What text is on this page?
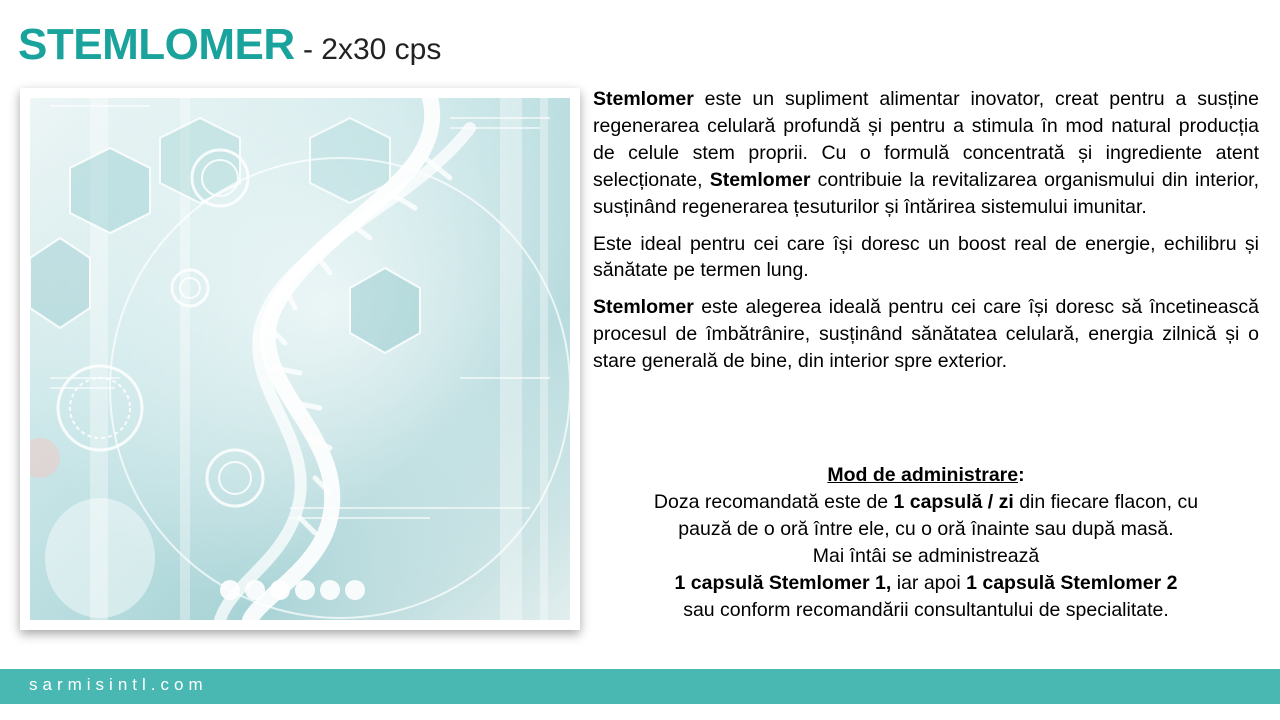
STEMLOMER - 2x30 cps

Stemlomer este un supliment alimentar inovator, creat pentru a susține regenerarea celulară profundă și pentru a stimula în mod natural producția de celule stem proprii. Cu o formulă concentrată și ingrediente atent selecționate, Stemlomer contribuie la revitalizarea organismului din interior, susținând regenerarea țesuturilor și întărirea sistemului imunitar.

Este ideal pentru cei care își doresc un boost real de energie, echilibru și sănătate pe termen lung.

Stemlomer este alegerea ideală pentru cei care își doresc să încetinească procesul de îmbătrânire, susținând sănătatea celulară, energia zilnică și o stare generală de bine, din interior spre exterior.

Mod de administrare:
Doza recomandată este de 1 capsulă / zi din fiecare flacon, cu
pauză de o oră între ele, cu o oră înainte sau după masă.
Mai întâi se administrează
1 capsulă Stemlomer 1, iar apoi 1 capsulă Stemlomer 2
sau conform recomandării consultantului de specialitate.
sarmisintl.com
